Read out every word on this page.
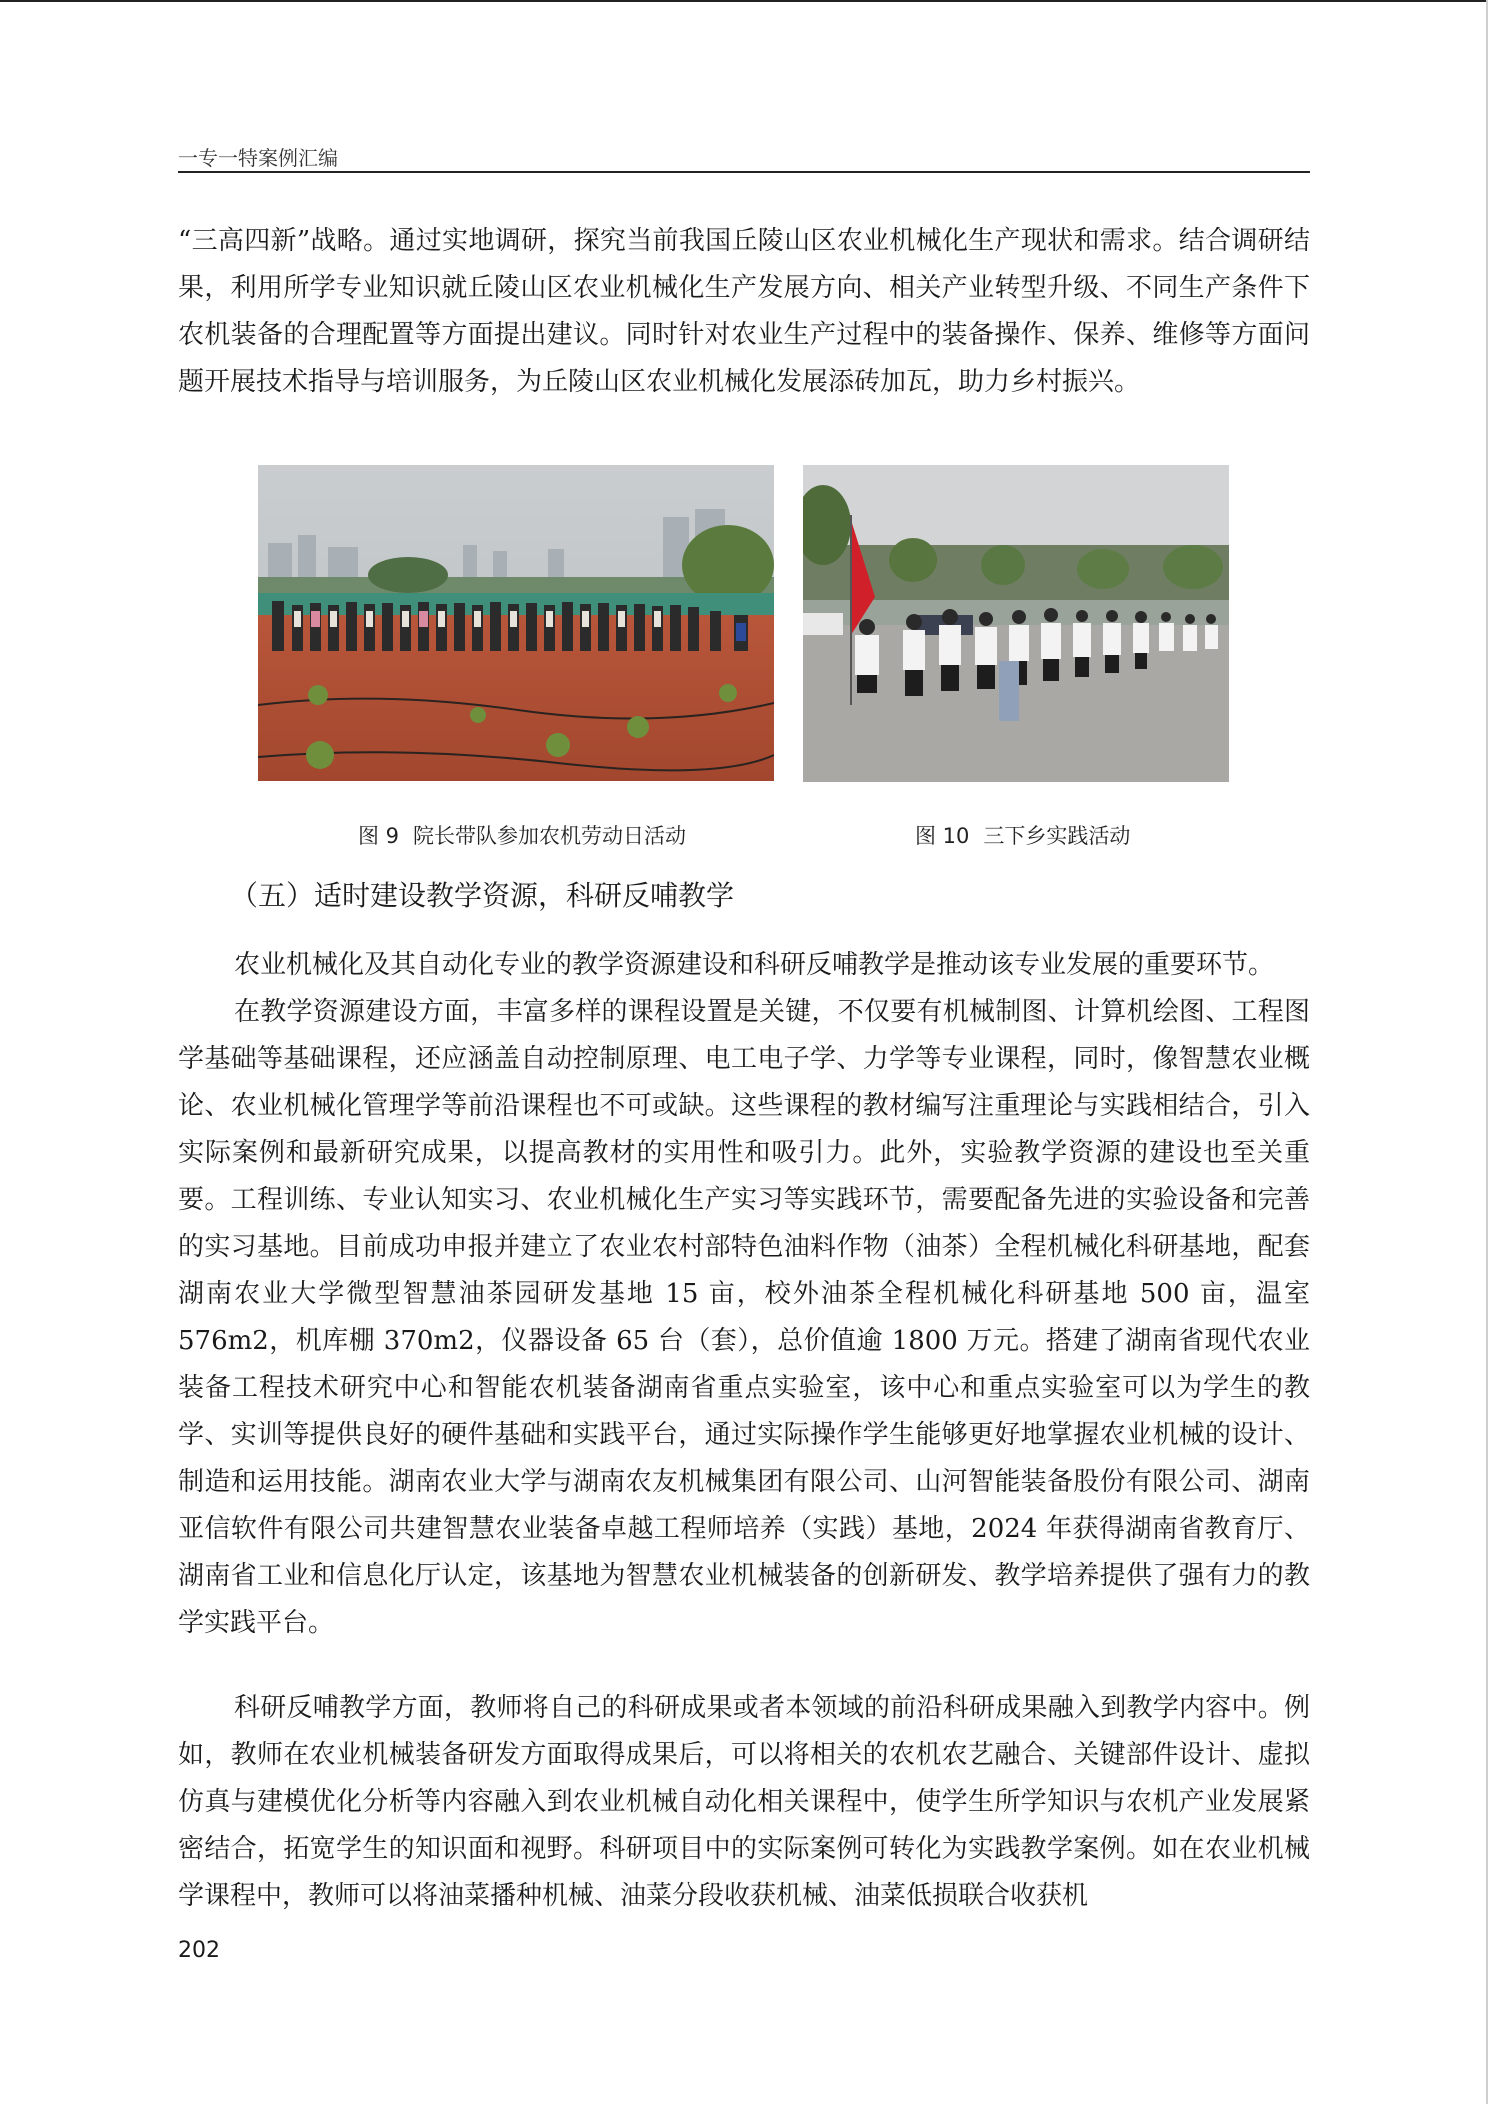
一专一特案例汇编

“三高四新”战略。通过实地调研，探究当前我国丘陵山区农业机械化生产现状和需求。结合调研结果，利用所学专业知识就丘陵山区农业机械化生产发展方向、相关产业转型升级、不同生产条件下农机装备的合理配置等方面提出建议。同时针对农业生产过程中的装备操作、保养、维修等方面问题开展技术指导与培训服务，为丘陵山区农业机械化发展添砖加瓦，助力乡村振兴。

图 9 院长带队参加农机劳动日活动	图 10 三下乡实践活动
（五）适时建设教学资源，科研反哺教学

农业机械化及其自动化专业的教学资源建设和科研反哺教学是推动该专业发展的重要环节。

在教学资源建设方面，丰富多样的课程设置是关键，不仅要有机械制图、计算机绘图、工程图学基础等基础课程，还应涵盖自动控制原理、电工电子学、力学等专业课程，同时，像智慧农业概论、农业机械化管理学等前沿课程也不可或缺。这些课程的教材编写注重理论与实践相结合，引入实际案例和最新研究成果，以提高教材的实用性和吸引力。此外，实验教学资源的建设也至关重要。工程训练、专业认知实习、农业机械化生产实习等实践环节，需要配备先进的实验设备和完善的实习基地。目前成功申报并建立了农业农村部特色油料作物（油茶）全程机械化科研基地，配套湖南农业大学微型智慧油茶园研发基地 15 亩，校外油茶全程机械化科研基地 500 亩，温室 576m2，机库棚 370m2，仪器设备 65 台（套），总价值逾 1800 万元。搭建了湖南省现代农业装备工程技术研究中心和智能农机装备湖南省重点实验室，该中心和重点实验室可以为学生的教学、实训等提供良好的硬件基础和实践平台，通过实际操作学生能够更好地掌握农业机械的设计、制造和运用技能。湖南农业大学与湖南农友机械集团有限公司、山河智能装备股份有限公司、湖南亚信软件有限公司共建智慧农业装备卓越工程师培养（实践）基地，2024 年获得湖南省教育厅、湖南省工业和信息化厅认定，该基地为智慧农业机械装备的创新研发、教学培养提供了强有力的教学实践平台。

科研反哺教学方面，教师将自己的科研成果或者本领域的前沿科研成果融入到教学内容中。例如，教师在农业机械装备研发方面取得成果后，可以将相关的农机农艺融合、关键部件设计、虚拟仿真与建模优化分析等内容融入到农业机械自动化相关课程中，使学生所学知识与农机产业发展紧密结合，拓宽学生的知识面和视野。科研项目中的实际案例可转化为实践教学案例。如在农业机械学课程中，教师可以将油菜播种机械、油菜分段收获机械、油菜低损联合收获机

202
